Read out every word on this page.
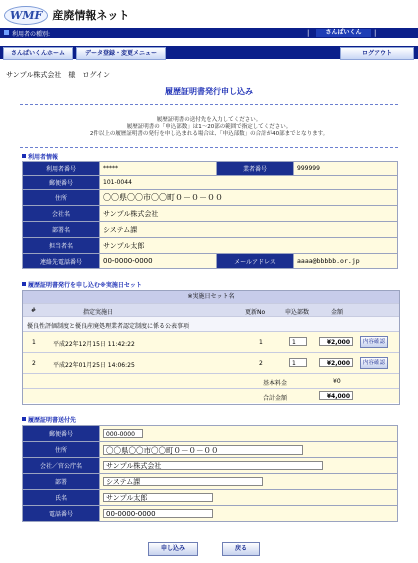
WMF 産廃情報ネット
利用者の種別:	|	さんぱいくん	|
さんぱいくんホーム	データ登録・変更メニュー	ログアウト
サンプル株式会社　様　ログイン
履歴証明書発行申し込み
履歴証明書の送付先を入力してください。
履歴証明書の「申込部数」は1～20部の範囲で指定してください。
2件以上の履歴証明書の発行を申し込まれる場合は、「申込部数」の合計が40部までとなります。
利用者情報
利用者番号	*****	業者番号	999999
郵便番号	101-0044		
住所	〇〇県〇〇市〇〇町０－０－００		
会社名	サンプル株式会社		
部署名	システム課		
担当者名	サンプル太郎		
連絡先電話番号	00-0000-0000	メールアドレス	aaaa@bbbbb.or.jp
履歴証明書発行を申し込む※実施日セット
※実施日セット名
#	指定実施日	更新No	申込部数	金額
優良性評価制度と優良産廃処理業者認定制度に係る公表事項
1	平成22年12月15日 11:42:22	1	1	¥2,000	内容確認
2	平成22年01月25日 14:06:25	2	1	¥2,000	内容確認
基本料金	¥0
合計金額	¥4,000
履歴証明書送付先
郵便番号	000-0000
住所	〇〇県〇〇市〇〇町０－０－００
会社／官公庁名	サンプル株式会社
部署	システム課
氏名	サンプル太郎
電話番号	00-0000-0000
申し込み	戻る
